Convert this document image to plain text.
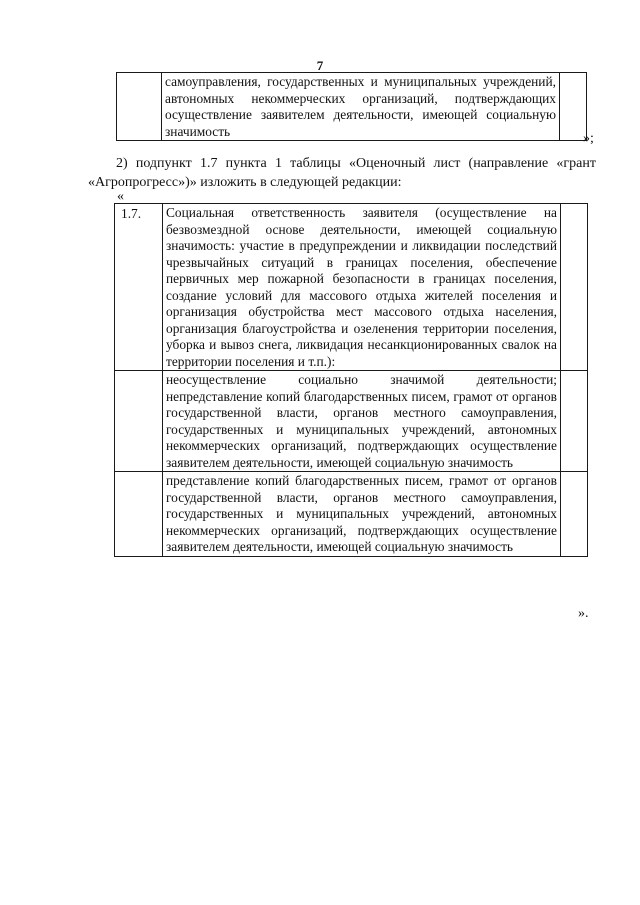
7
	самоуправления, государственных и муниципальных учреждений, автономных некоммерческих организаций, подтверждающих осуществление заявителем деятельности, имеющей социальную значимость		»;
2) подпункт 1.7 пункта 1 таблицы «Оценочный лист (направление «грант
«Агропрогресс»)» изложить в следующей редакции:
«
1.7.	Социальная ответственность заявителя (осуществление на безвозмездной основе деятельности, имеющей социальную значимость: участие в предупреждении и ликвидации последствий чрезвычайных ситуаций в границах поселения, обеспечение первичных мер пожарной безопасности в границах поселения, создание условий для массового отдыха жителей поселения и организация обустройства мест массового отдыха населения, организация благоустройства и озеленения территории поселения, уборка и вывоз снега, ликвидация несанкционированных свалок на территории поселения и т.п.):	
	неосуществление социально значимой деятельности; непредставление копий благодарственных писем, грамот от органов государственной власти, органов местного самоуправления, государственных и муниципальных учреждений, автономных некоммерческих организаций, подтверждающих осуществление заявителем деятельности, имеющей социальную значимость	
	представление копий благодарственных писем, грамот от органов государственной власти, органов местного самоуправления, государственных и муниципальных учреждений, автономных некоммерческих организаций, подтверждающих осуществление заявителем деятельности, имеющей социальную значимость	
».
